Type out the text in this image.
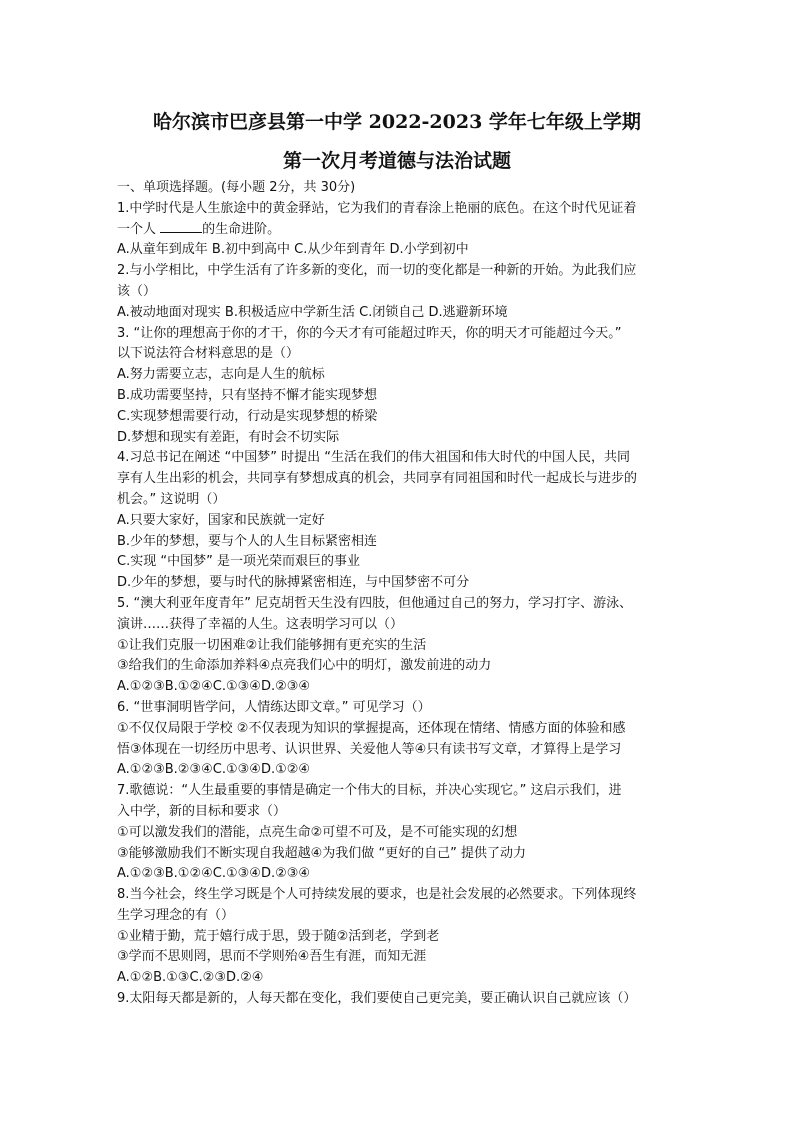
哈尔滨市巴彦县第一中学 2022-2023 学年七年级上学期
第一次月考道德与法治试题
一、单项选择题。(每小题 2分，共 30分)
1.中学时代是人生旅途中的黄金驿站，它为我们的青春涂上艳丽的底色。在这个时代见证着
一个人	的生命进阶。
A.从童年到成年 B.初中到高中 C.从少年到青年 D.小学到初中
2.与小学相比，中学生活有了许多新的变化，而一切的变化都是一种新的开始。为此我们应
该（）
A.被动地面对现实 B.积极适应中学新生活 C.闭锁自己 D.逃避新环境
3. “让你的理想高于你的才干，你的今天才有可能超过昨天，你的明天才可能超过今天。”
以下说法符合材料意思的是（）
A.努力需要立志，志向是人生的航标
B.成功需要坚持，只有坚持不懈才能实现梦想
C.实现梦想需要行动，行动是实现梦想的桥梁
D.梦想和现实有差距，有时会不切实际
4.习总书记在阐述 “中国梦” 时提出 “生活在我们的伟大祖国和伟大时代的中国人民，共同
享有人生出彩的机会，共同享有梦想成真的机会，共同享有同祖国和时代一起成长与进步的
机会。” 这说明（）
A.只要大家好，国家和民族就一定好
B.少年的梦想，要与个人的人生目标紧密相连
C.实现 “中国梦” 是一项光荣而艰巨的事业
D.少年的梦想，要与时代的脉搏紧密相连，与中国梦密不可分
5. “澳大利亚年度青年” 尼克胡哲天生没有四肢，但他通过自己的努力，学习打字、游泳、
演讲……获得了幸福的人生。这表明学习可以（）
①让我们克服一切困难②让我们能够拥有更充实的生活
③给我们的生命添加养料④点亮我们心中的明灯，激发前进的动力
A.①②③B.①②④C.①③④D.②③④
6. “世事洞明皆学问，人情练达即文章。” 可见学习（）
①不仅仅局限于学校 ②不仅表现为知识的掌握提高，还体现在情绪、情感方面的体验和感
悟③体现在一切经历中思考、认识世界、关爱他人等④只有读书写文章，才算得上是学习
A.①②③B.②③④C.①③④D.①②④
7.歌德说：“人生最重要的事情是确定一个伟大的目标，并决心实现它。” 这启示我们，进
入中学，新的目标和要求（）
①可以激发我们的潜能，点亮生命②可望不可及，是不可能实现的幻想
③能够激励我们不断实现自我超越④为我们做 “更好的自己” 提供了动力
A.①②③B.①②④C.①③④D.②③④
8.当今社会，终生学习既是个人可持续发展的要求，也是社会发展的必然要求。下列体现终
生学习理念的有（）
①业精于勤，荒于嬉行成于思，毁于随②活到老，学到老
③学而不思则罔，思而不学则殆④吾生有涯，而知无涯
A.①②B.①③C.②③D.②④
9.太阳每天都是新的，人每天都在变化，我们要使自己更完美，要正确认识自己就应该（）
